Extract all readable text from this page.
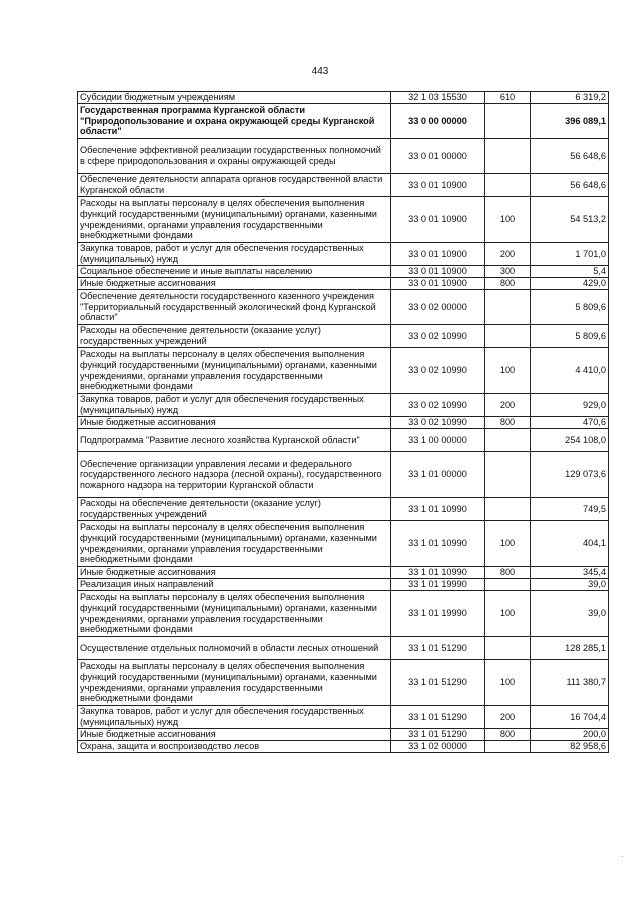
443
Субсидии бюджетным учреждениям	32 1 03 15530	610	6 319,2
Государственная программа Курганской области "Природопользование и охрана окружающей среды Курганской области"	33 0 00 00000		396 089,1
Обеспечение эффективной реализации государственных полномочий в сфере природопользования и охраны окружающей среды	33 0 01 00000		56 648,6
Обеспечение деятельности аппарата органов государственной власти Курганской области	33 0 01 10900		56 648,6
Расходы на выплаты персоналу в целях обеспечения выполнения функций государственными (муниципальными) органами, казенными учреждениями, органами управления государственными внебюджетными фондами	33 0 01 10900	100	54 513,2
Закупка товаров, работ и услуг для обеспечения государственных (муниципальных) нужд	33 0 01 10900	200	1 701,0
Социальное обеспечение и иные выплаты населению	33 0 01 10900	300	5,4
Иные бюджетные ассигнования	33 0 01 10900	800	429,0
Обеспечение деятельности государственного казенного учреждения "Территориальный государственный экологический фонд Курганской области"	33 0 02 00000		5 809,6
Расходы на обеспечение деятельности (оказание услуг) государственных учреждений	33 0 02 10990		5 809,6
Расходы на выплаты персоналу в целях обеспечения выполнения функций государственными (муниципальными) органами, казенными учреждениями, органами управления государственными внебюджетными фондами	33 0 02 10990	100	4 410,0
Закупка товаров, работ и услуг для обеспечения государственных (муниципальных) нужд	33 0 02 10990	200	929,0
Иные бюджетные ассигнования	33 0 02 10990	800	470,6
Подпрограмма "Развитие лесного хозяйства Курганской области"	33 1 00 00000		254 108,0
Обеспечение организации управления лесами и федерального государственного лесного надзора (лесной охраны), государственного пожарного надзора на территории Курганской области	33 1 01 00000		129 073,6
Расходы на обеспечение деятельности (оказание услуг) государственных учреждений	33 1 01 10990		749,5
Расходы на выплаты персоналу в целях обеспечения выполнения функций государственными (муниципальными) органами, казенными учреждениями, органами управления государственными внебюджетными фондами	33 1 01 10990	100	404,1
Иные бюджетные ассигнования	33 1 01 10990	800	345,4
Реализация иных направлений	33 1 01 19990		39,0
Расходы на выплаты персоналу в целях обеспечения выполнения функций государственными (муниципальными) органами, казенными учреждениями, органами управления государственными внебюджетными фондами	33 1 01 19990	100	39,0
Осуществление отдельных полномочий в области лесных отношений	33 1 01 51290		128 285,1
Расходы на выплаты персоналу в целях обеспечения выполнения функций государственными (муниципальными) органами, казенными учреждениями, органами управления государственными внебюджетными фондами	33 1 01 51290	100	111 380,7
Закупка товаров, работ и услуг для обеспечения государственных (муниципальных) нужд	33 1 01 51290	200	16 704,4
Иные бюджетные ассигнования	33 1 01 51290	800	200,0
Охрана, защита и воспроизводство лесов	33 1 02 00000		82 958,6
·
